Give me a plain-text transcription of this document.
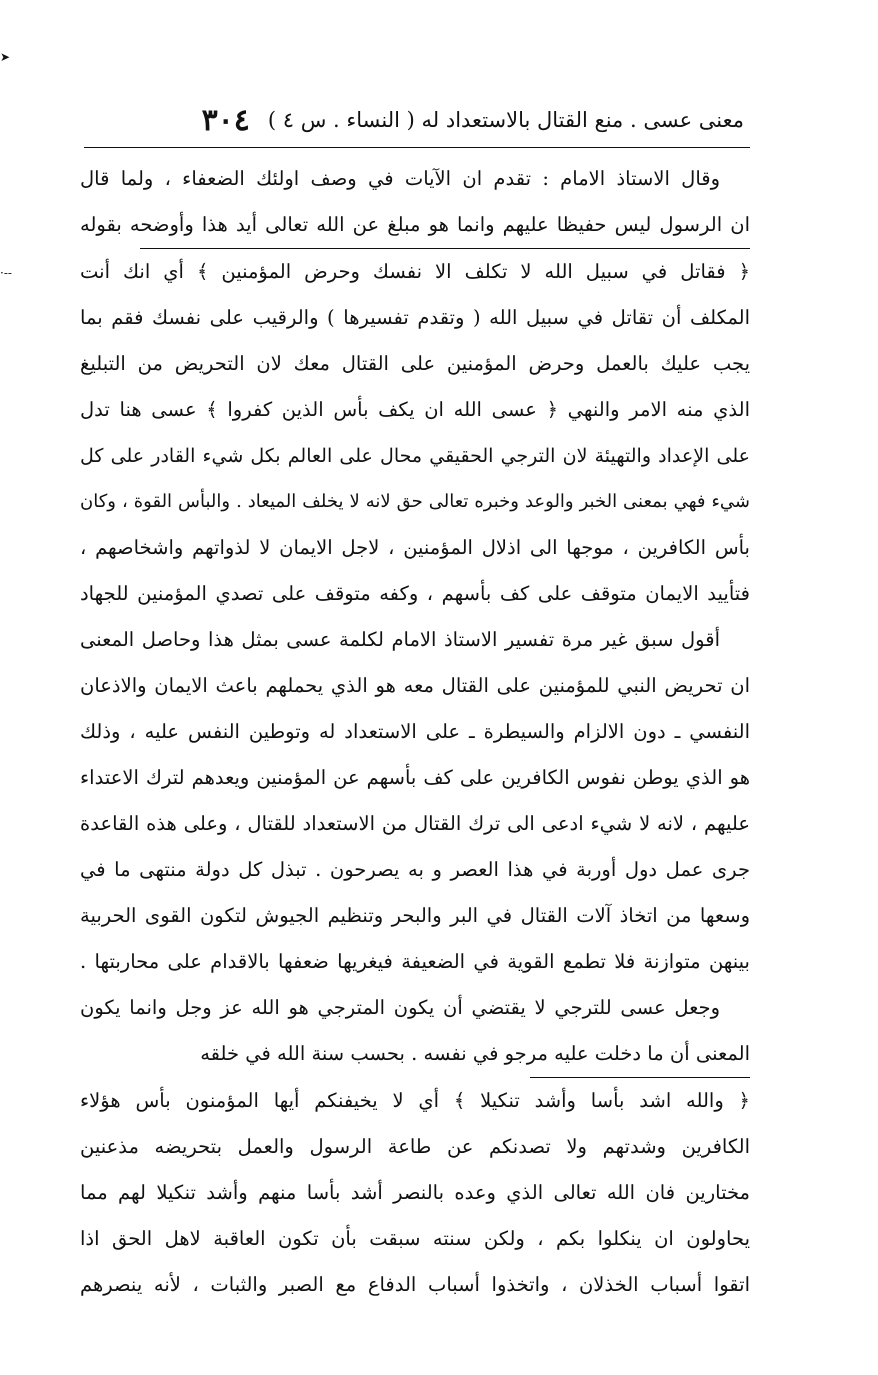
➤
·--
معنى عسى . منع القتال بالاستعداد له ( النساء . س ٤ )
٣٠٤
وقال الاستاذ الامام : تقدم ان الآيات في وصف اولئك الضعفاء ، ولما قال
ان الرسول ليس حفيظا عليهم وانما هو مبلغ عن الله تعالى أيد هذا وأوضحه بقوله
﴿ فقاتل في سبيل الله لا تكلف الا نفسك وحرض المؤمنين ﴾ أي انك أنت
المكلف أن تقاتل في سبيل الله ( وتقدم تفسيرها ) والرقيب على نفسك فقم بما
يجب عليك بالعمل وحرض المؤمنين على القتال معك لان التحريض من التبليغ
الذي منه الامر والنهي ﴿ عسى الله ان يكف بأس الذين كفروا ﴾ عسى هنا تدل
على الإعداد والتهيئة لان الترجي الحقيقي محال على العالم بكل شيء القادر على كل
شيء فهي بمعنى الخبر والوعد وخبره تعالى حق لانه لا يخلف الميعاد . والبأس القوة ، وكان
بأس الكافرين ، موجها الى اذلال المؤمنين ، لاجل الايمان لا لذواتهم واشخاصهم ،
فتأييد الايمان متوقف على كف بأسهم ، وكفه متوقف على تصدي المؤمنين للجهاد
أقول سبق غير مرة تفسير الاستاذ الامام لكلمة عسى بمثل هذا وحاصل المعنى
ان تحريض النبي للمؤمنين على القتال معه هو الذي يحملهم باعث الايمان والاذعان
النفسي ـ دون الالزام والسيطرة ـ على الاستعداد له وتوطين النفس عليه ، وذلك
هو الذي يوطن نفوس الكافرين على كف بأسهم عن المؤمنين ويعدهم لترك الاعتداء
عليهم ، لانه لا شيء ادعى الى ترك القتال من الاستعداد للقتال ، وعلى هذه القاعدة
جرى عمل دول أوربة في هذا العصر و به يصرحون . تبذل كل دولة منتهى ما في
وسعها من اتخاذ آلات القتال في البر والبحر وتنظيم الجيوش لتكون القوى الحربية
بينهن متوازنة فلا تطمع القوية في الضعيفة فيغريها ضعفها بالاقدام على محاربتها .
وجعل عسى للترجي لا يقتضي أن يكون المترجي هو الله عز وجل وانما يكون
المعنى أن ما دخلت عليه مرجو في نفسه . بحسب سنة الله في خلقه
﴿ والله اشد بأسا وأشد تنكيلا ﴾ أي لا يخيفنكم أيها المؤمنون بأس هؤلاء
الكافرين وشدتهم ولا تصدنكم عن طاعة الرسول والعمل بتحريضه مذعنين
مختارين فان الله تعالى الذي وعده بالنصر أشد بأسا منهم وأشد تنكيلا لهم مما
يحاولون ان ينكلوا بكم ، ولكن سنته سبقت بأن تكون العاقبة لاهل الحق اذا
اتقوا أسباب الخذلان ، واتخذوا أسباب الدفاع مع الصبر والثبات ، لأنه ينصرهم
